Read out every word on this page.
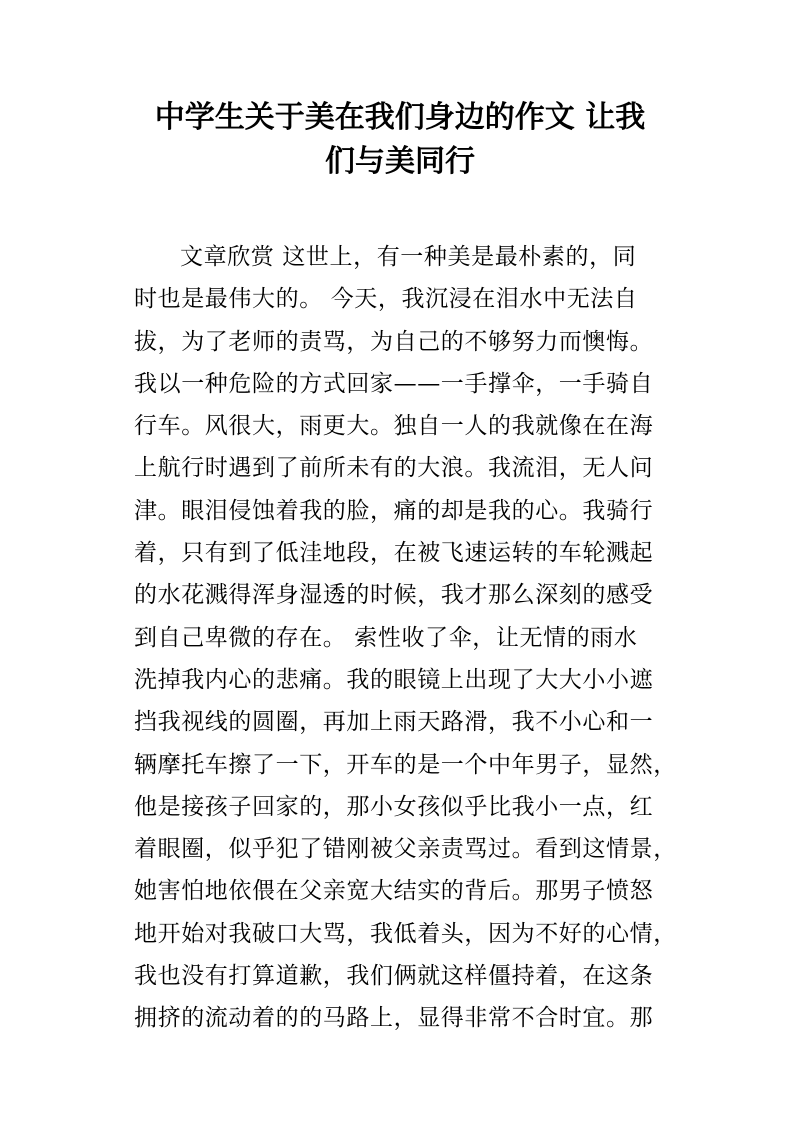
中学生关于美在我们身边的作文 让我
们与美同行
文章欣赏 这世上，有一种美是最朴素的，同
时也是最伟大的。 今天，我沉浸在泪水中无法自
拔，为了老师的责骂，为自己的不够努力而懊悔。
我以一种危险的方式回家——一手撑伞，一手骑自
行车。风很大，雨更大。独自一人的我就像在在海
上航行时遇到了前所未有的大浪。我流泪，无人问
津。眼泪侵蚀着我的脸，痛的却是我的心。我骑行
着，只有到了低洼地段，在被飞速运转的车轮溅起
的水花溅得浑身湿透的时候，我才那么深刻的感受
到自己卑微的存在。 索性收了伞，让无情的雨水
洗掉我内心的悲痛。我的眼镜上出现了大大小小遮
挡我视线的圆圈，再加上雨天路滑，我不小心和一
辆摩托车擦了一下，开车的是一个中年男子，显然，
他是接孩子回家的，那小女孩似乎比我小一点，红
着眼圈，似乎犯了错刚被父亲责骂过。看到这情景，
她害怕地依偎在父亲宽大结实的背后。那男子愤怒
地开始对我破口大骂，我低着头，因为不好的心情，
我也没有打算道歉，我们俩就这样僵持着，在这条
拥挤的流动着的的马路上，显得非常不合时宜。那
